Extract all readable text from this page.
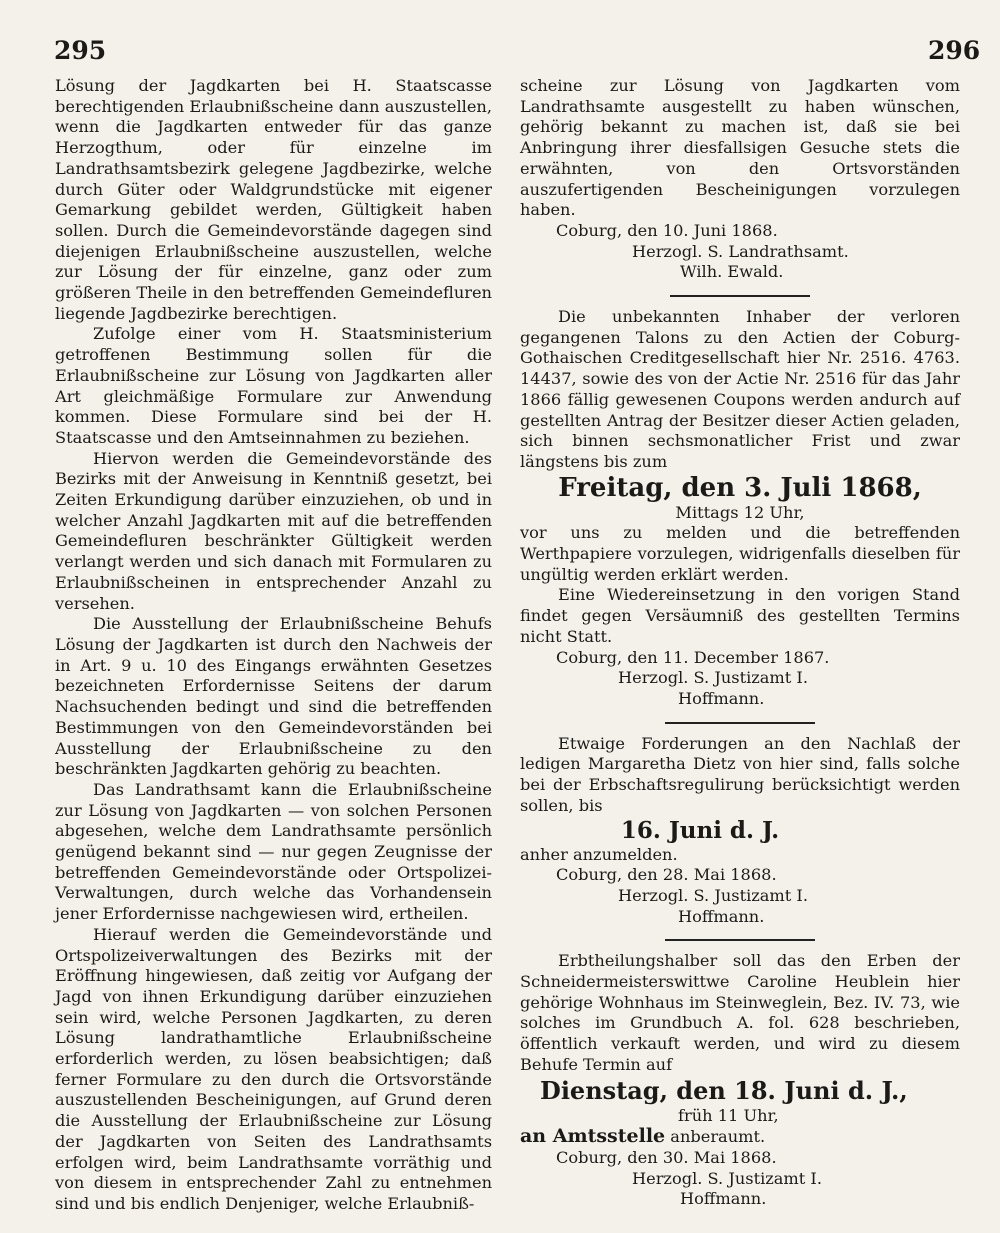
295	296

Lösung der Jagdkarten bei H. Staatscasse berechtigenden Erlaubnißscheine dann auszustellen, wenn die Jagdkarten entweder für das ganze Herzogthum, oder für einzelne im Landrathsamtsbezirk gelegene Jagdbezirke, welche durch Güter oder Waldgrundstücke mit eigener Gemarkung gebildet werden, Gültigkeit haben sollen. Durch die Gemeindevorstände dagegen sind diejenigen Erlaubnißscheine auszustellen, welche zur Lösung der für einzelne, ganz oder zum größeren Theile in den betreffenden Gemeindefluren liegende Jagdbezirke berechtigen.

Zufolge einer vom H. Staatsministerium getroffenen Bestimmung sollen für die Erlaubnißscheine zur Lösung von Jagdkarten aller Art gleichmäßige Formulare zur Anwendung kommen. Diese Formulare sind bei der H. Staatscasse und den Amtseinnahmen zu beziehen.

Hiervon werden die Gemeindevorstände des Bezirks mit der Anweisung in Kenntniß gesetzt, bei Zeiten Erkundigung darüber einzuziehen, ob und in welcher Anzahl Jagdkarten mit auf die betreffenden Gemeindefluren beschränkter Gültigkeit werden verlangt werden und sich danach mit Formularen zu Erlaubnißscheinen in entsprechender Anzahl zu versehen.

Die Ausstellung der Erlaubnißscheine Behufs Lösung der Jagdkarten ist durch den Nachweis der in Art. 9 u. 10 des Eingangs erwähnten Gesetzes bezeichneten Erfordernisse Seitens der darum Nachsuchenden bedingt und sind die betreffenden Bestimmungen von den Gemeindevorständen bei Ausstellung der Erlaubnißscheine zu den beschränkten Jagdkarten gehörig zu beachten.

Das Landrathsamt kann die Erlaubnißscheine zur Lösung von Jagdkarten — von solchen Personen abgesehen, welche dem Landrathsamte persönlich genügend bekannt sind — nur gegen Zeugnisse der betreffenden Gemeindevorstände oder Ortspolizei-Verwaltungen, durch welche das Vorhandensein jener Erfordernisse nachgewiesen wird, ertheilen.

Hierauf werden die Gemeindevorstände und Ortspolizeiverwaltungen des Bezirks mit der Eröffnung hingewiesen, daß zeitig vor Aufgang der Jagd von ihnen Erkundigung darüber einzuziehen sein wird, welche Personen Jagdkarten, zu deren Lösung landrathamtliche Erlaubnißscheine erforderlich werden, zu lösen beabsichtigen; daß ferner Formulare zu den durch die Ortsvorstände auszustellenden Bescheinigungen, auf Grund deren die Ausstellung der Erlaubnißscheine zur Lösung der Jagdkarten von Seiten des Landrathsamts erfolgen wird, beim Landrathsamte vorräthig und von diesem in entsprechender Zahl zu entnehmen sind und bis endlich Denjeniger, welche Erlaubniß-

scheine zur Lösung von Jagdkarten vom Landrathsamte ausgestellt zu haben wünschen, gehörig bekannt zu machen ist, daß sie bei Anbringung ihrer diesfallsigen Gesuche stets die erwähnten, von den Ortsvorständen auszufertigenden Bescheinigungen vorzulegen haben.

Coburg, den 10. Juni 1868.

Herzogl. S. Landrathsamt.

Wilh. Ewald.

Die unbekannten Inhaber der verloren gegangenen Talons zu den Actien der Coburg-Gothaischen Creditgesellschaft hier Nr. 2516. 4763. 14437, sowie des von der Actie Nr. 2516 für das Jahr 1866 fällig gewesenen Coupons werden andurch auf gestellten Antrag der Besitzer dieser Actien geladen, sich binnen sechsmonatlicher Frist und zwar längstens bis zum

Freitag, den 3. Juli 1868,

Mittags 12 Uhr,

vor uns zu melden und die betreffenden Werthpapiere vorzulegen, widrigenfalls dieselben für ungültig werden erklärt werden.

Eine Wiedereinsetzung in den vorigen Stand findet gegen Versäumniß des gestellten Termins nicht Statt.

Coburg, den 11. December 1867.

Herzogl. S. Justizamt I.

Hoffmann.

Etwaige Forderungen an den Nachlaß der ledigen Margaretha Dietz von hier sind, falls solche bei der Erbschaftsregulirung berücksichtigt werden sollen, bis

16. Juni d. J.

anher anzumelden.

Coburg, den 28. Mai 1868.

Herzogl. S. Justizamt I.

Hoffmann.

Erbtheilungshalber soll das den Erben der Schneidermeisterswittwe Caroline Heublein hier gehörige Wohnhaus im Steinweglein, Bez. IV. 73, wie solches im Grundbuch A. fol. 628 beschrieben, öffentlich verkauft werden, und wird zu diesem Behufe Termin auf

Dienstag, den 18. Juni d. J.,

früh 11 Uhr,

an Amtsstelle anberaumt.

Coburg, den 30. Mai 1868.

Herzogl. S. Justizamt I.

Hoffmann.
